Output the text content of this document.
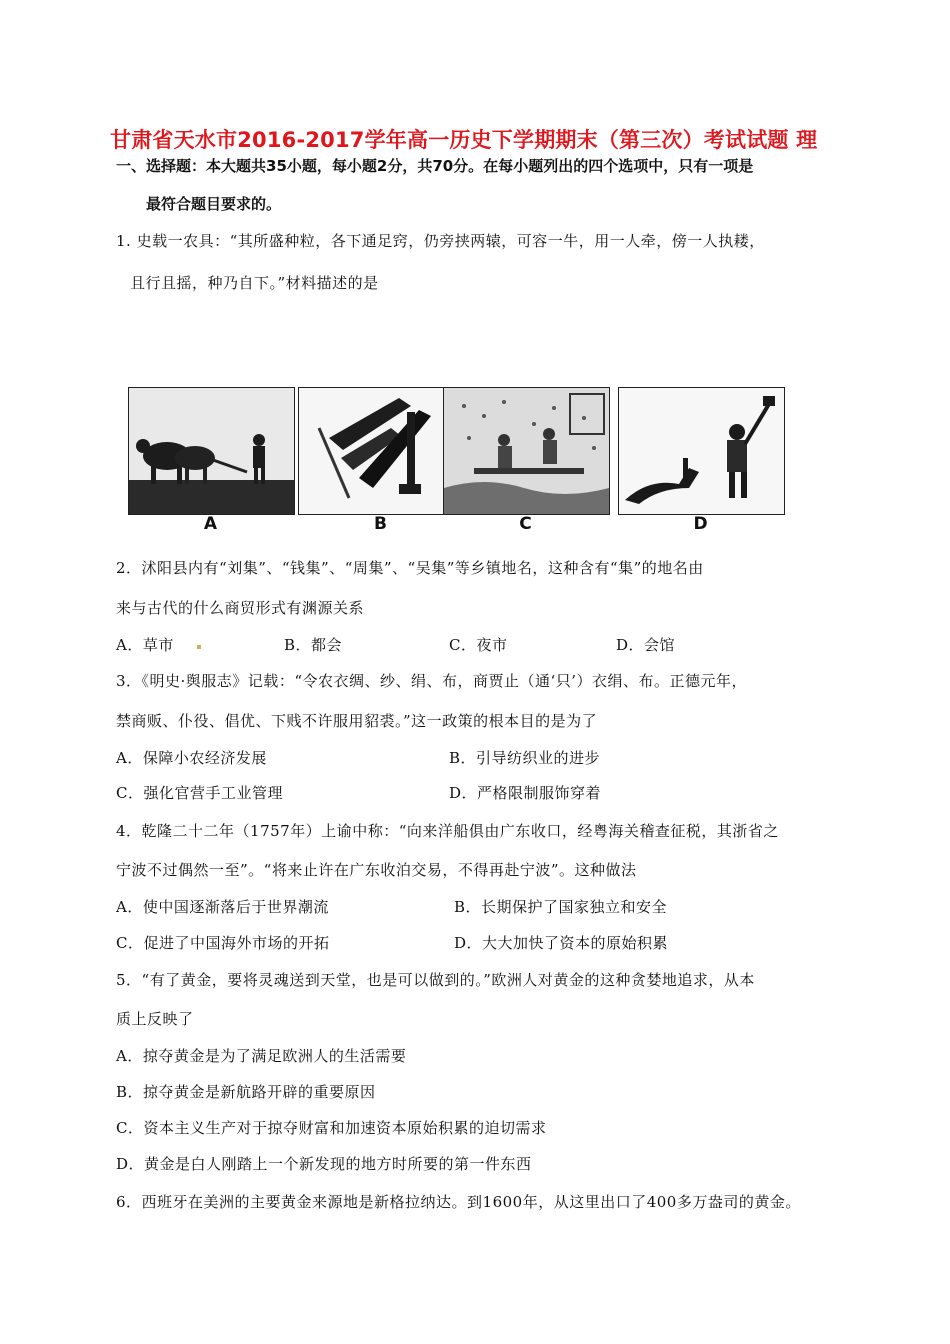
甘肃省天水市2016-2017学年高一历史下学期期末（第三次）考试试题 理
一、选择题：本大题共35小题，每小题2分，共70分。在每小题列出的四个选项中，只有一项是
最符合题目要求的。
1. 史载一农具：“其所盛种粒，各下通足窍，仍旁挟两辕，可容一牛，用一人牵，傍一人执耧，
且行且摇，种乃自下。”材料描述的是
A	B	C	D
2．沭阳县内有“刘集”、“钱集”、“周集”、“吴集”等乡镇地名，这种含有“集”的地名由
来与古代的什么商贸形式有渊源关系
A．草市	B．都会	C．夜市	D．会馆
3．《明史·舆服志》记载：“令农衣绸、纱、绢、布，商贾止（通‘只’）衣绢、布。正德元年，
禁商贩、仆役、倡优、下贱不许服用貂裘。”这一政策的根本目的是为了
A．保障小农经济发展	B．引导纺织业的进步
C．强化官营手工业管理	D．严格限制服饰穿着
4．乾隆二十二年（1757年）上谕中称：“向来洋船俱由广东收口，经粤海关稽查征税，其浙省之
宁波不过偶然一至”。“将来止许在广东收泊交易，不得再赴宁波”。这种做法
A．使中国逐渐落后于世界潮流	B．长期保护了国家独立和安全
C．促进了中国海外市场的开拓	D．大大加快了资本的原始积累
5．“有了黄金，要将灵魂送到天堂，也是可以做到的。”欧洲人对黄金的这种贪婪地追求，从本
质上反映了
A．掠夺黄金是为了满足欧洲人的生活需要
B．掠夺黄金是新航路开辟的重要原因
C．资本主义生产对于掠夺财富和加速资本原始积累的迫切需求
D．黄金是白人刚踏上一个新发现的地方时所要的第一件东西
6．西班牙在美洲的主要黄金来源地是新格拉纳达。到1600年，从这里出口了400多万盎司的黄金。
